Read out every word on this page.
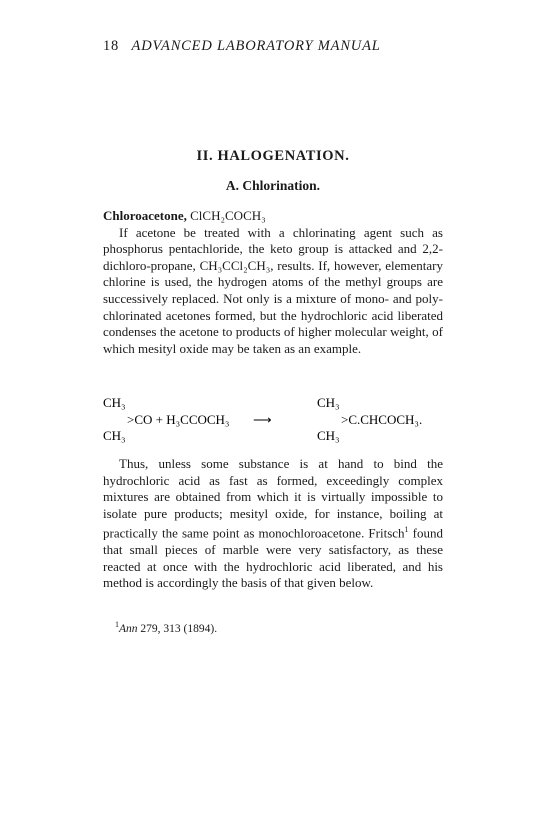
18 ADVANCED LABORATORY MANUAL
II. HALOGENATION.
A. Chlorination.
Chloroacetone, ClCH₂COCH₃

If acetone be treated with a chlorinating agent such as phosphorus pentachloride, the keto group is attacked and 2,2-dichloro-propane, CH₃CCl₂CH₃, results. If, however, elementary chlorine is used, the hydrogen atoms of the methyl groups are successively replaced. Not only is a mixture of mono- and poly-chlorinated acetones formed, but the hydrochloric acid liberated condenses the acetone to products of higher molecular weight, of which mesityl oxide may be taken as an example.

CH₃
CH₃
>CO + H₃CCOCH₃ ⟶
CH₃
CH₃
>C.CHCOCH₃.

Thus, unless some substance is at hand to bind the hydrochloric acid as fast as formed, exceedingly complex mixtures are obtained from which it is virtually impossible to isolate pure products; mesityl oxide, for instance, boiling at practically the same point as monochloroacetone. Fritsch$^1$ found that small pieces of marble were very satisfactory, as these reacted at once with the hydrochloric acid liberated, and his method is accordingly the basis of that given below.

$^1$Ann 279, 313 (1894).
